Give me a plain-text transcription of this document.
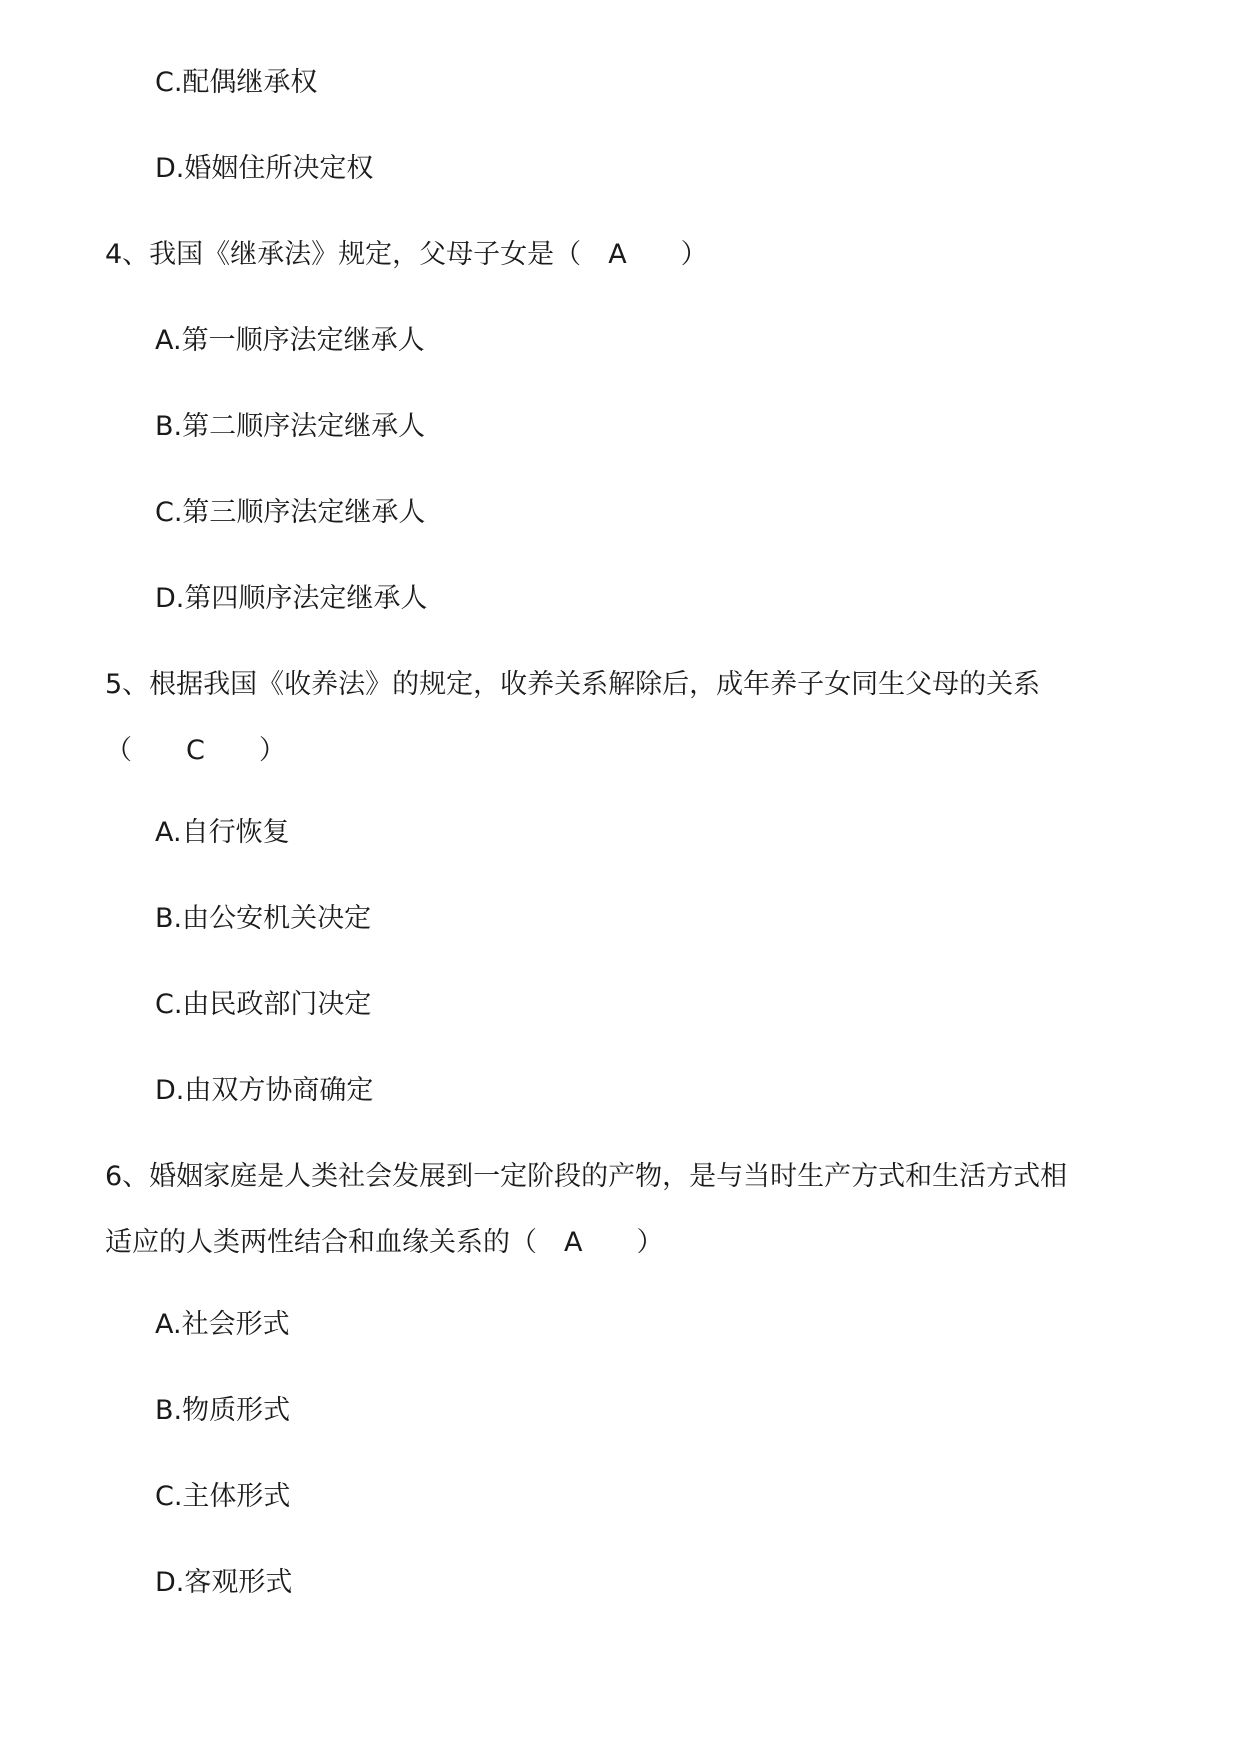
C.配偶继承权
D.婚姻住所决定权
4、我国《继承法》规定，父母子女是（　A　　）
A.第一顺序法定继承人
B.第二顺序法定继承人
C.第三顺序法定继承人
D.第四顺序法定继承人
5、根据我国《收养法》的规定，收养关系解除后，成年养子女同生父母的关系
（　　C　　）
A.自行恢复
B.由公安机关决定
C.由民政部门决定
D.由双方协商确定
6、婚姻家庭是人类社会发展到一定阶段的产物，是与当时生产方式和生活方式相
适应的人类两性结合和血缘关系的（　A　　）
A.社会形式
B.物质形式
C.主体形式
D.客观形式
